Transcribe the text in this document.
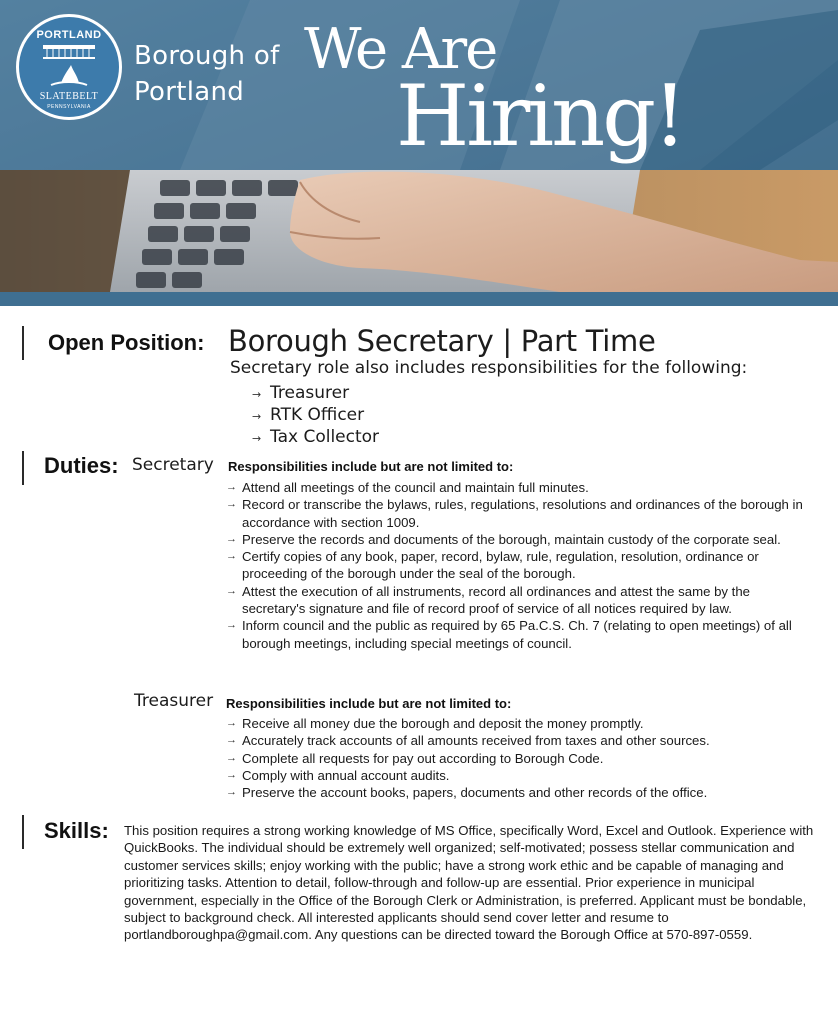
PORTLAND
SLATEBELT
PENNSYLVANIA
Borough of
Portland
We Are
Hiring!
Open Position: Borough Secretary | Part Time
Secretary role also includes responsibilities for the following:
→ Treasurer
→ RTK Officer
→ Tax Collector
Duties: Secretary Responsibilities include but are not limited to:
→ Attend all meetings of the council and maintain full minutes.
→ Record or transcribe the bylaws, rules, regulations, resolutions and ordinances of the borough in accordance with section 1009.
→ Preserve the records and documents of the borough, maintain custody of the corporate seal.
→ Certify copies of any book, paper, record, bylaw, rule, regulation, resolution, ordinance or proceeding of the borough under the seal of the borough.
→ Attest the execution of all instruments, record all ordinances and attest the same by the secretary's signature and file of record proof of service of all notices required by law.
→ Inform council and the public as required by 65 Pa.C.S. Ch. 7 (relating to open meetings) of all borough meetings, including special meetings of council.
Treasurer Responsibilities include but are not limited to:
→ Receive all money due the borough and deposit the money promptly.
→ Accurately track accounts of all amounts received from taxes and other sources.
→ Complete all requests for pay out according to Borough Code.
→ Comply with annual account audits.
→ Preserve the account books, papers, documents and other records of the office.
Skills: This position requires a strong working knowledge of MS Office, specifically Word, Excel and Outlook. Experience with QuickBooks. The individual should be extremely well organized; self-motivated; possess stellar communication and customer services skills; enjoy working with the public; have a strong work ethic and be capable of managing and prioritizing tasks. Attention to detail, follow-through and follow-up are essential. Prior experience in municipal government, especially in the Office of the Borough Clerk or Administration, is preferred. Applicant must be bondable, subject to background check. All interested applicants should send cover letter and resume to portlandboroughpa@gmail.com. Any questions can be directed toward the Borough Office at 570-897-0559.
